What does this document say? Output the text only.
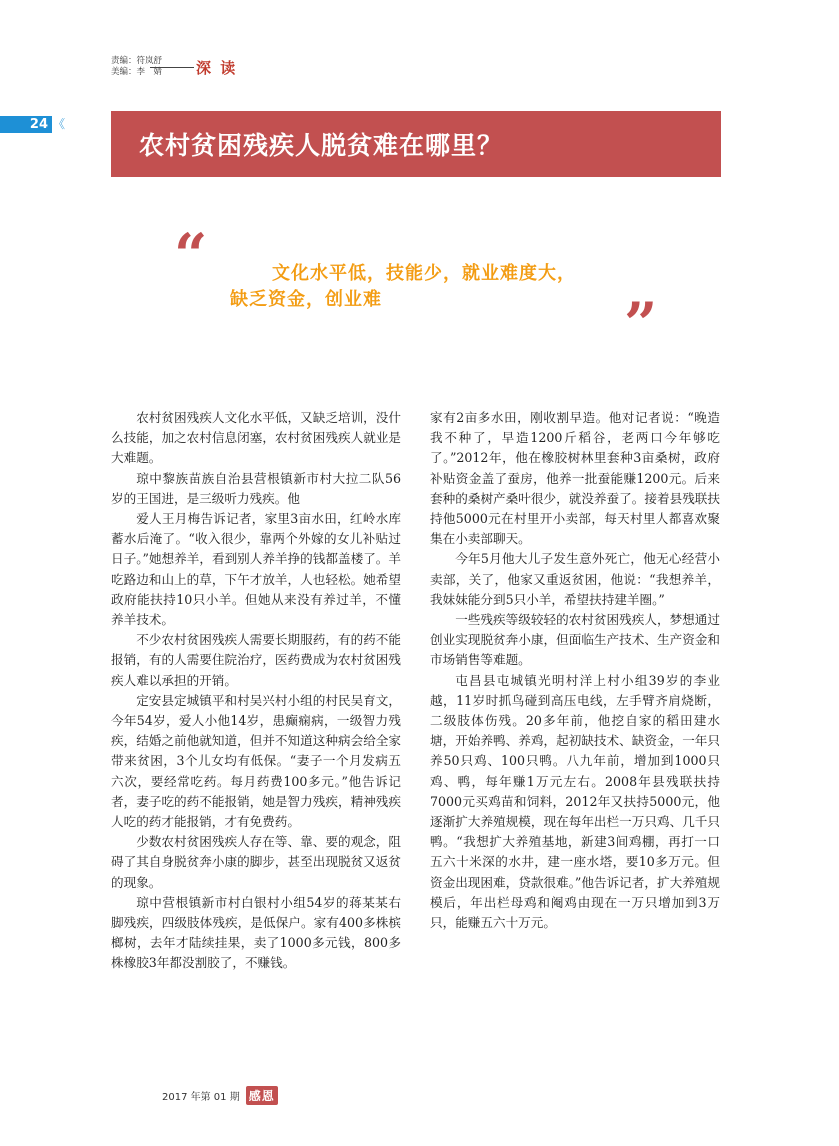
责编：符岚舒
美编：李　婧 深 读
24 《
农村贫困残疾人脱贫难在哪里？
“	文化水平低，技能少，就业难度大，
缺乏资金，创业难	”

农村贫困残疾人文化水平低，又缺乏培训，没什么技能，加之农村信息闭塞，农村贫困残疾人就业是大难题。

琼中黎族苗族自治县营根镇新市村大拉二队56岁的王国进，是三级听力残疾。他

爱人王月梅告诉记者，家里3亩水田，红岭水库蓄水后淹了。“收入很少，靠两个外嫁的女儿补贴过日子。”她想养羊，看到别人养羊挣的钱都盖楼了。羊吃路边和山上的草，下午才放羊，人也轻松。她希望政府能扶持10只小羊。但她从来没有养过羊，不懂养羊技术。

不少农村贫困残疾人需要长期服药，有的药不能报销，有的人需要住院治疗，医药费成为农村贫困残疾人难以承担的开销。

定安县定城镇平和村吴兴村小组的村民吴育文，今年54岁，爱人小他14岁，患癫痫病，一级智力残疾，结婚之前他就知道，但并不知道这种病会给全家带来贫困，3个儿女均有低保。“妻子一个月发病五六次，要经常吃药。每月药费100多元。”他告诉记者，妻子吃的药不能报销，她是智力残疾，精神残疾人吃的药才能报销，才有免费药。

少数农村贫困残疾人存在等、靠、要的观念，阻碍了其自身脱贫奔小康的脚步，甚至出现脱贫又返贫的现象。

琼中营根镇新市村白银村小组54岁的蒋某某右脚残疾，四级肢体残疾，是低保户。家有400多株槟榔树，去年才陆续挂果，卖了1000多元钱，800多株橡胶3年都没割胶了，不赚钱。

家有2亩多水田，刚收割早造。他对记者说：“晚造我不种了，早造1200斤稻谷，老两口今年够吃了。”2012年，他在橡胶树林里套种3亩桑树，政府补贴资金盖了蚕房，他养一批蚕能赚1200元。后来套种的桑树产桑叶很少，就没养蚕了。接着县残联扶持他5000元在村里开小卖部，每天村里人都喜欢聚集在小卖部聊天。

今年5月他大儿子发生意外死亡，他无心经营小卖部，关了，他家又重返贫困，他说：“我想养羊，我妹妹能分到5只小羊，希望扶持建羊圈。”

一些残疾等级较轻的农村贫困残疾人，梦想通过创业实现脱贫奔小康，但面临生产技术、生产资金和市场销售等难题。

屯昌县屯城镇光明村洋上村小组39岁的李业越，11岁时抓鸟碰到高压电线，左手臂齐肩烧断，二级肢体伤残。20多年前，他挖自家的稻田建水塘，开始养鸭、养鸡，起初缺技术、缺资金，一年只养50只鸡、100只鸭。八九年前，增加到1000只鸡、鸭，每年赚1万元左右。2008年县残联扶持7000元买鸡苗和饲料，2012年又扶持5000元，他逐渐扩大养殖规模，现在每年出栏一万只鸡、几千只鸭。“我想扩大养殖基地，新建3间鸡棚，再打一口五六十米深的水井，建一座水塔，要10多万元。但资金出现困难，贷款很难。”他告诉记者，扩大养殖规模后，年出栏母鸡和阉鸡由现在一万只增加到3万只，能赚五六十万元。

2017 年第 01 期 感恩
